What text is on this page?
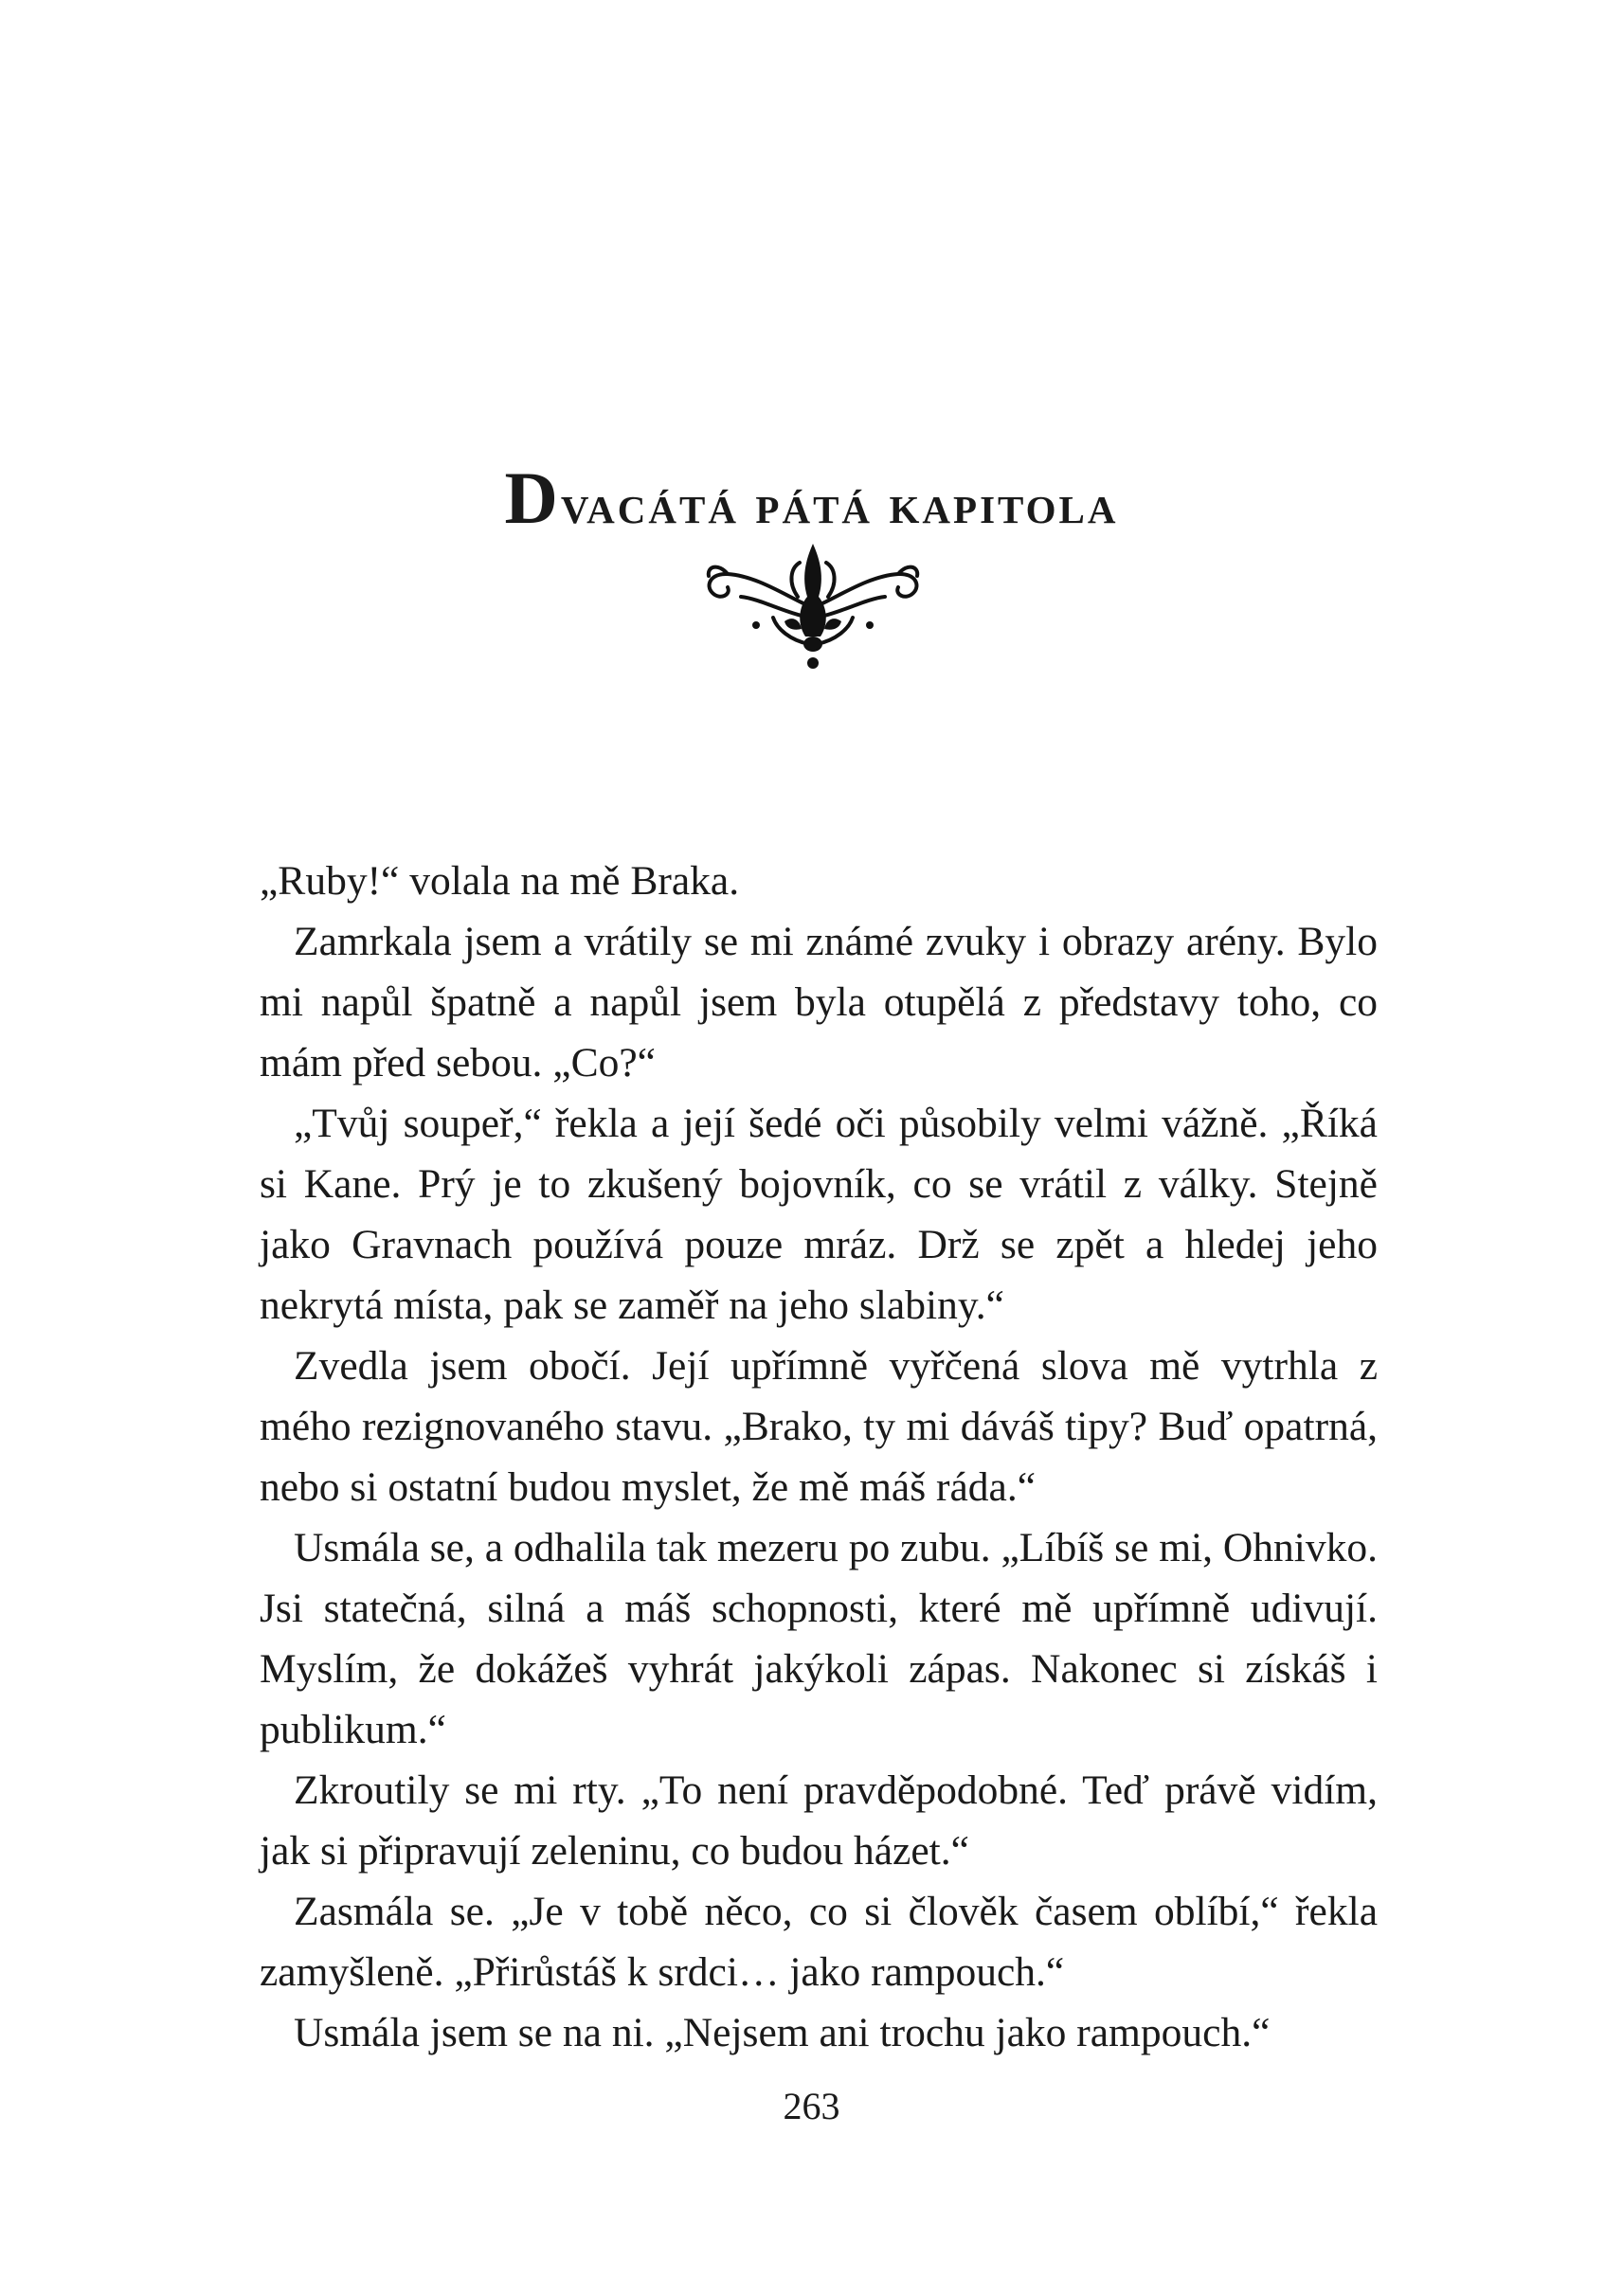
Dvacátá pátá kapitola

„Ruby!“ volala na mě Braka.

Zamrkala jsem a vrátily se mi známé zvuky i obrazy arény. Bylo mi napůl špatně a napůl jsem byla otupělá z představy toho, co mám před sebou. „Co?“

„Tvůj soupeř,“ řekla a její šedé oči působily velmi vážně. „Říká si Kane. Prý je to zkušený bojovník, co se vrátil z války. Stejně jako Gravnach používá pouze mráz. Drž se zpět a hledej jeho nekrytá místa, pak se zaměř na jeho slabiny.“

Zvedla jsem obočí. Její upřímně vyřčená slova mě vytrhla z mého rezignovaného stavu. „Brako, ty mi dáváš tipy? Buď opatrná, nebo si ostatní budou myslet, že mě máš ráda.“

Usmála se, a odhalila tak mezeru po zubu. „Líbíš se mi, Ohnivko. Jsi statečná, silná a máš schopnosti, které mě upřímně udivují. Myslím, že dokážeš vyhrát jakýkoli zápas. Nakonec si získáš i publikum.“

Zkroutily se mi rty. „To není pravděpodobné. Teď právě vidím, jak si připravují zeleninu, co budou házet.“

Zasmála se. „Je v tobě něco, co si člověk časem oblíbí,“ řekla zamyšleně. „Přirůstáš k srdci… jako rampouch.“

Usmála jsem se na ni. „Nejsem ani trochu jako rampouch.“

263
